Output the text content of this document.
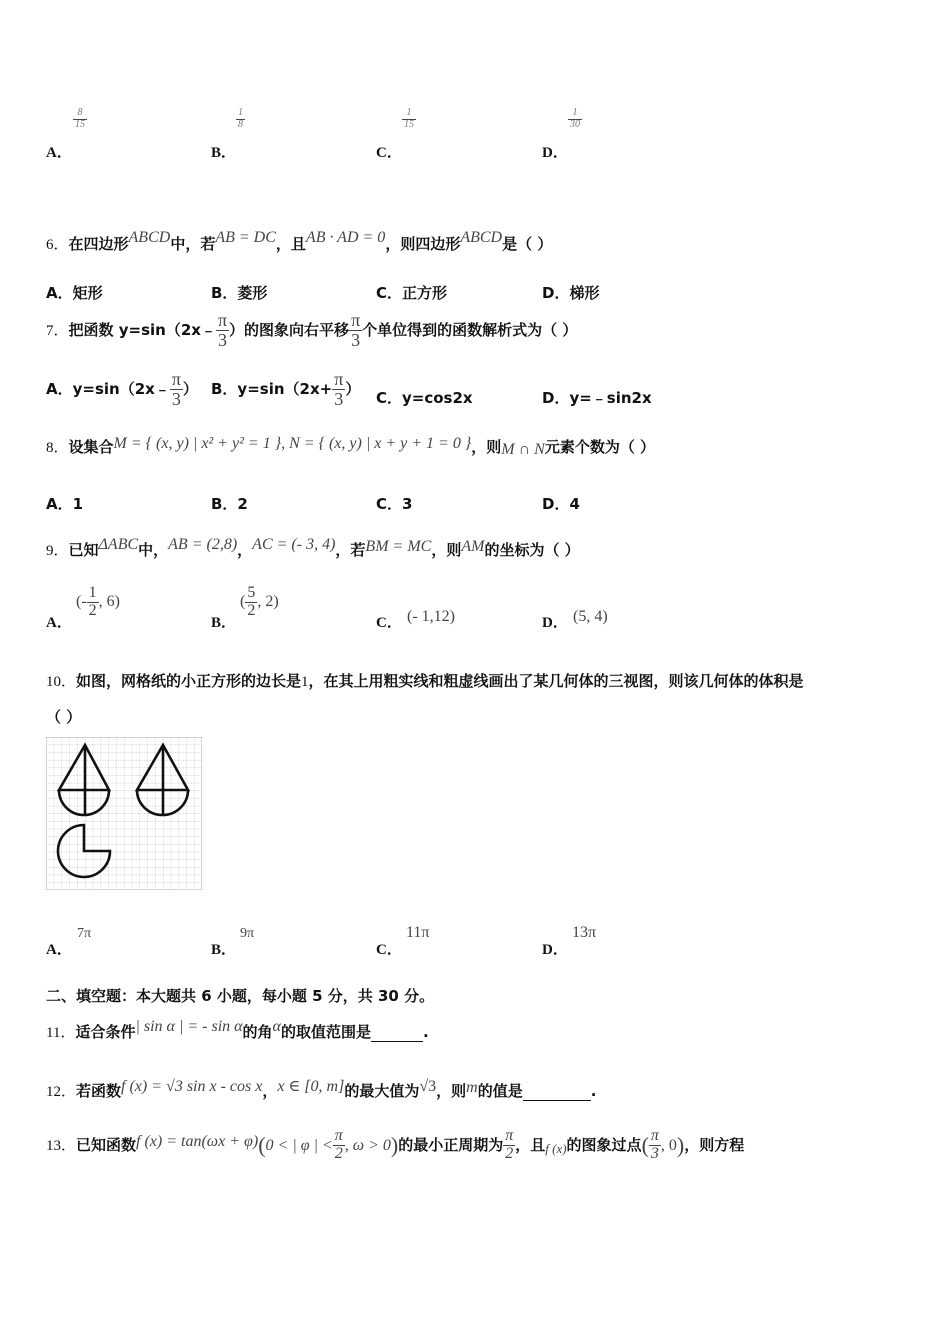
A．
$\frac{8}{15}$
B．
$\frac{1}{8}$
C．
$\frac{1}{15}$
D．
$\frac{1}{30}$
6．在四边形ABCD中，若AB = DC，且AB · AD = 0，则四边形ABCD是（ ）
A．矩形	B．菱形	C．正方形	D．梯形
7．把函数 y=sin（2x﹣ $\frac{\pi}{3}$ ）的图象向右平移 $\frac{\pi}{3}$ 个单位得到的函数解析式为（ ）
A．y=sin（2x﹣ $\frac{\pi}{3}$ ） B．$y=\sin(2x+ \frac{\pi}{3}$ ）
C．y=cos2x	D．y=﹣sin2x
8．设集合M = { (x, y) | x² + y² = 1 }, N = { (x, y) | x + y + 1 = 0 }，则M ∩ N元素个数为（ ）
A．1	B．2	C．3	D．4
9．已知ΔABC中，AB = (2,8)，AC = (- 3, 4)，若BM = MC，则AM的坐标为（ ）
A．
(- $\frac{1}{2}$ , 6)
B．
( $\frac{5}{2}$ , 2)
C． (- 1,12)	D． (5, 4)
10．如图，网格纸的小正方形的边长是1，在其上用粗实线和粗虚线画出了某几何体的三视图，则该几何体的体积是
（ ）
A．
7π
B．
9π
C．
11π
D．
13π
二、填空题：本大题共 6 小题，每小题 5 分，共 30 分。
11．适合条件| sin α | = - sin α的角α的取值范围是	.
12．若函数f (x) = √3 sin x - cos x，x ∈ [0, m]的最大值为√3，则m的值是	.
13．已知函数f (x) = tan(ωx + φ)(0 < | φ | < $\frac{\pi}{2}$ , ω > 0)的最小正周期为 $\frac{\pi}{2}$ ，且f (x)的图象过点( $\frac{\pi}{3}$ , 0)，则方程
